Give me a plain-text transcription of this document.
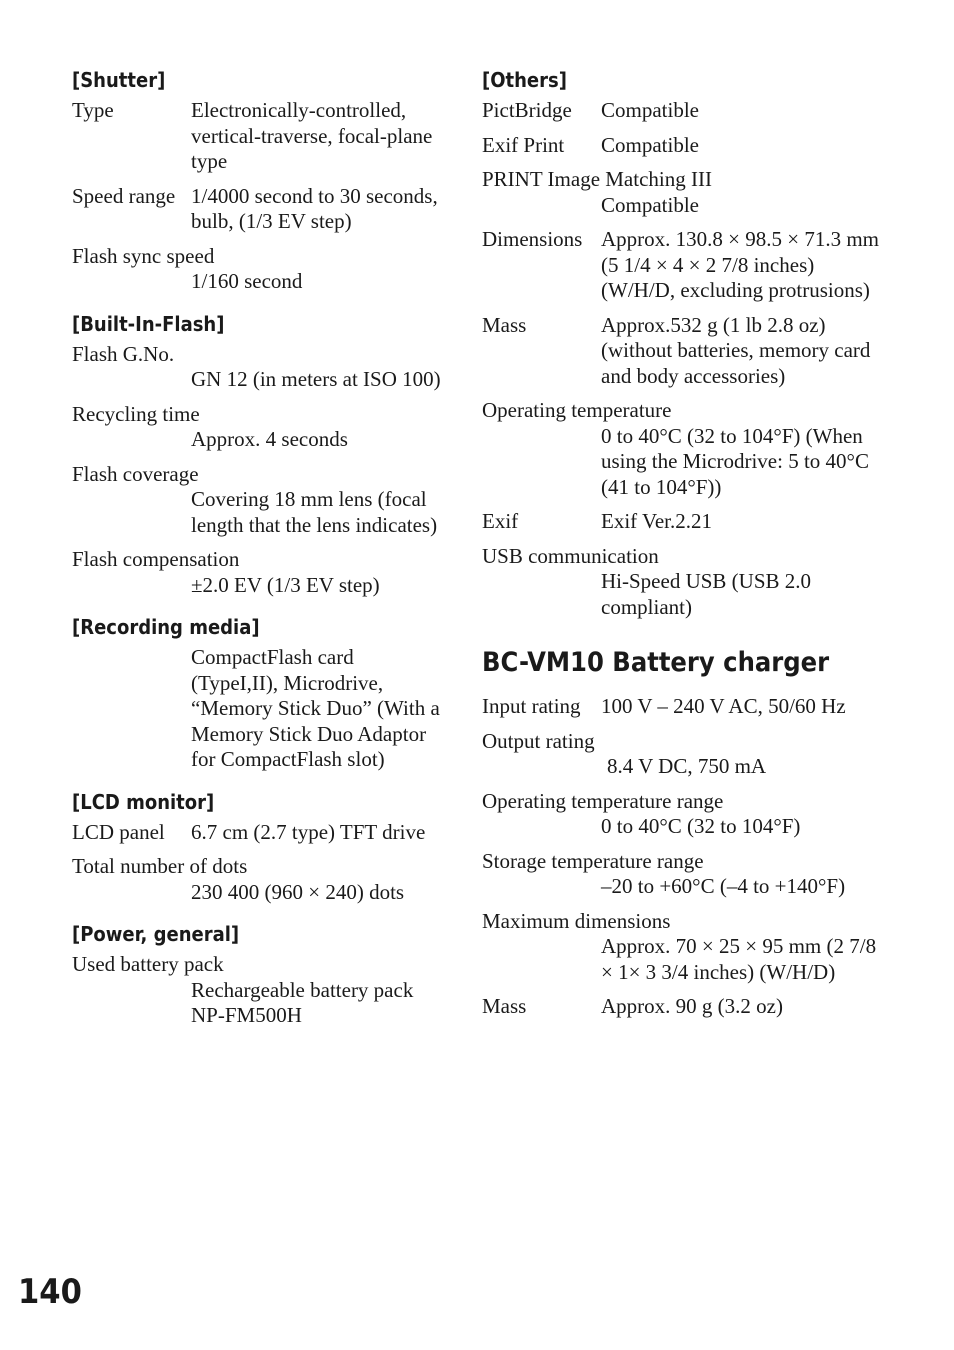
[Shutter]
Type	Electronically-controlled, vertical-traverse, focal-plane type
Speed range 1/4000 second to 30 seconds, bulb, (1/3 EV step)
Flash sync speed
1/160 second
[Built-In-Flash]
Flash G.No.
GN 12 (in meters at ISO 100)
Recycling time
Approx. 4 seconds
Flash coverage
Covering 18 mm lens (focal length that the lens indicates)
Flash compensation
±2.0 EV (1/3 EV step)
[Recording media]
CompactFlash card (TypeI,II), Microdrive, “Memory Stick Duo” (With a Memory Stick Duo Adaptor for CompactFlash slot)
[LCD monitor]
LCD panel	6.7 cm (2.7 type) TFT drive
Total number of dots
230 400 (960 × 240) dots
[Power, general]
Used battery pack
Rechargeable battery pack NP-FM500H
[Others]
PictBridge	Compatible
Exif Print	Compatible
PRINT Image Matching III
Compatible
Dimensions Approx. 130.8 × 98.5 × 71.3 mm (5 1/4 × 4 × 2 7/8 inches) (W/H/D, excluding protrusions)
Mass	Approx.532 g (1 lb 2.8 oz) (without batteries, memory card and body accessories)
Operating temperature
0 to 40°C (32 to 104°F) (When using the Microdrive: 5 to 40°C (41 to 104°F))
Exif	Exif Ver.2.21
USB communication
Hi-Speed USB (USB 2.0 compliant)
BC-VM10 Battery charger
Input rating 100 V – 240 V AC, 50/60 Hz
Output rating
8.4 V DC, 750 mA
Operating temperature range
0 to 40°C (32 to 104°F)
Storage temperature range
–20 to +60°C (–4 to +140°F)
Maximum dimensions
Approx. 70 × 25 × 95 mm (2 7/8 × 1× 3 3/4 inches) (W/H/D)
Mass	Approx. 90 g (3.2 oz)
140
